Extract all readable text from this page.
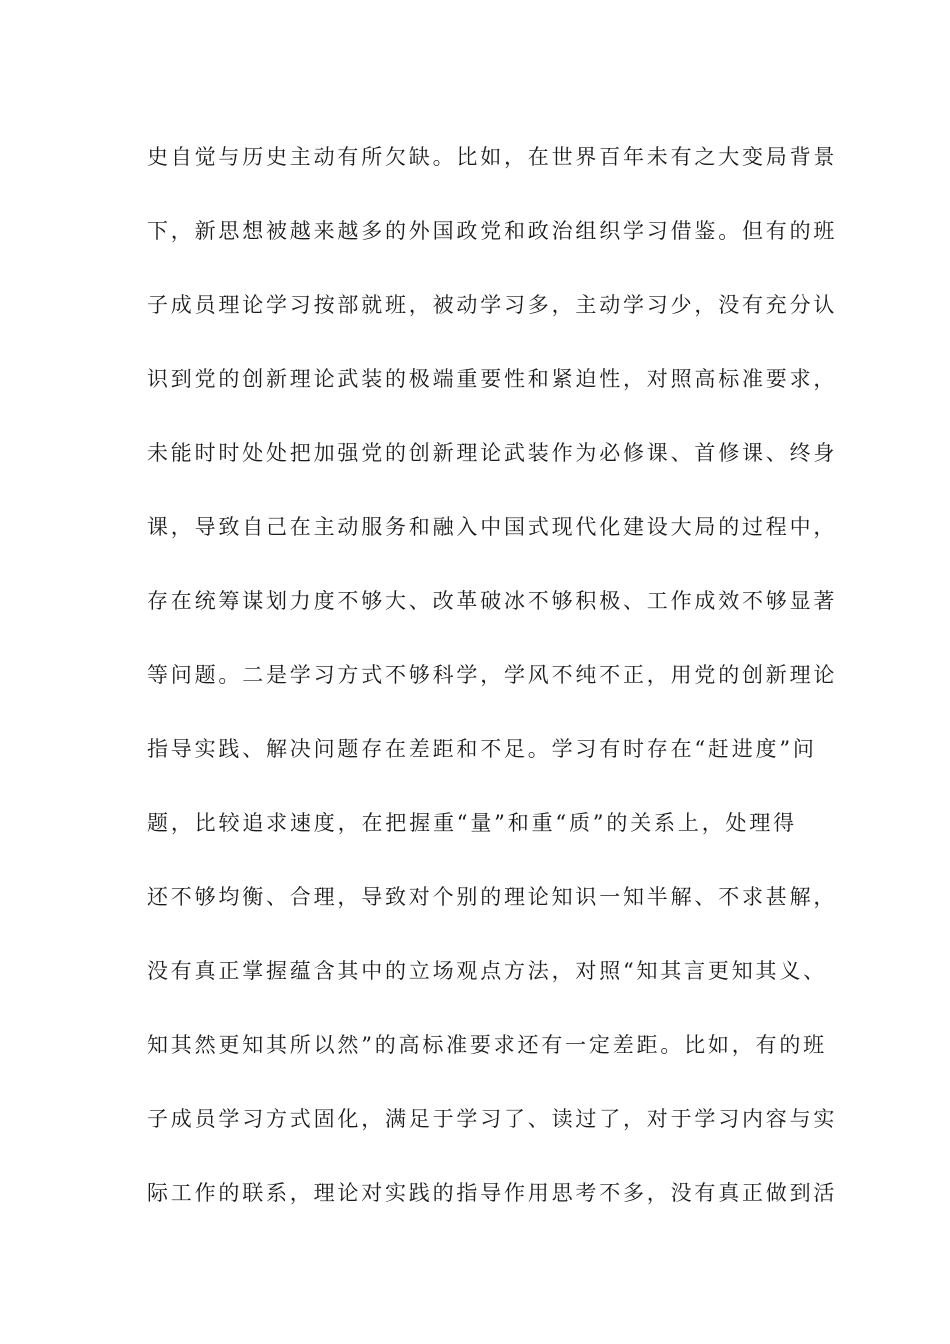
史自觉与历史主动有所欠缺。比如，在世界百年未有之大变局背景
下，新思想被越来越多的外国政党和政治组织学习借鉴。但有的班
子成员理论学习按部就班，被动学习多，主动学习少，没有充分认
识到党的创新理论武装的极端重要性和紧迫性，对照高标准要求，
未能时时处处把加强党的创新理论武装作为必修课、首修课、终身
课，导致自己在主动服务和融入中国式现代化建设大局的过程中，
存在统筹谋划力度不够大、改革破冰不够积极、工作成效不够显著
等问题。二是学习方式不够科学，学风不纯不正，用党的创新理论
指导实践、解决问题存在差距和不足。学习有时存在“赶进度”问
题，比较追求速度，在把握重“量”和重“质”的关系上，处理得
还不够均衡、合理，导致对个别的理论知识一知半解、不求甚解，
没有真正掌握蕴含其中的立场观点方法，对照“知其言更知其义、
知其然更知其所以然”的高标准要求还有一定差距。比如，有的班
子成员学习方式固化，满足于学习了、读过了，对于学习内容与实
际工作的联系，理论对实践的指导作用思考不多，没有真正做到活
